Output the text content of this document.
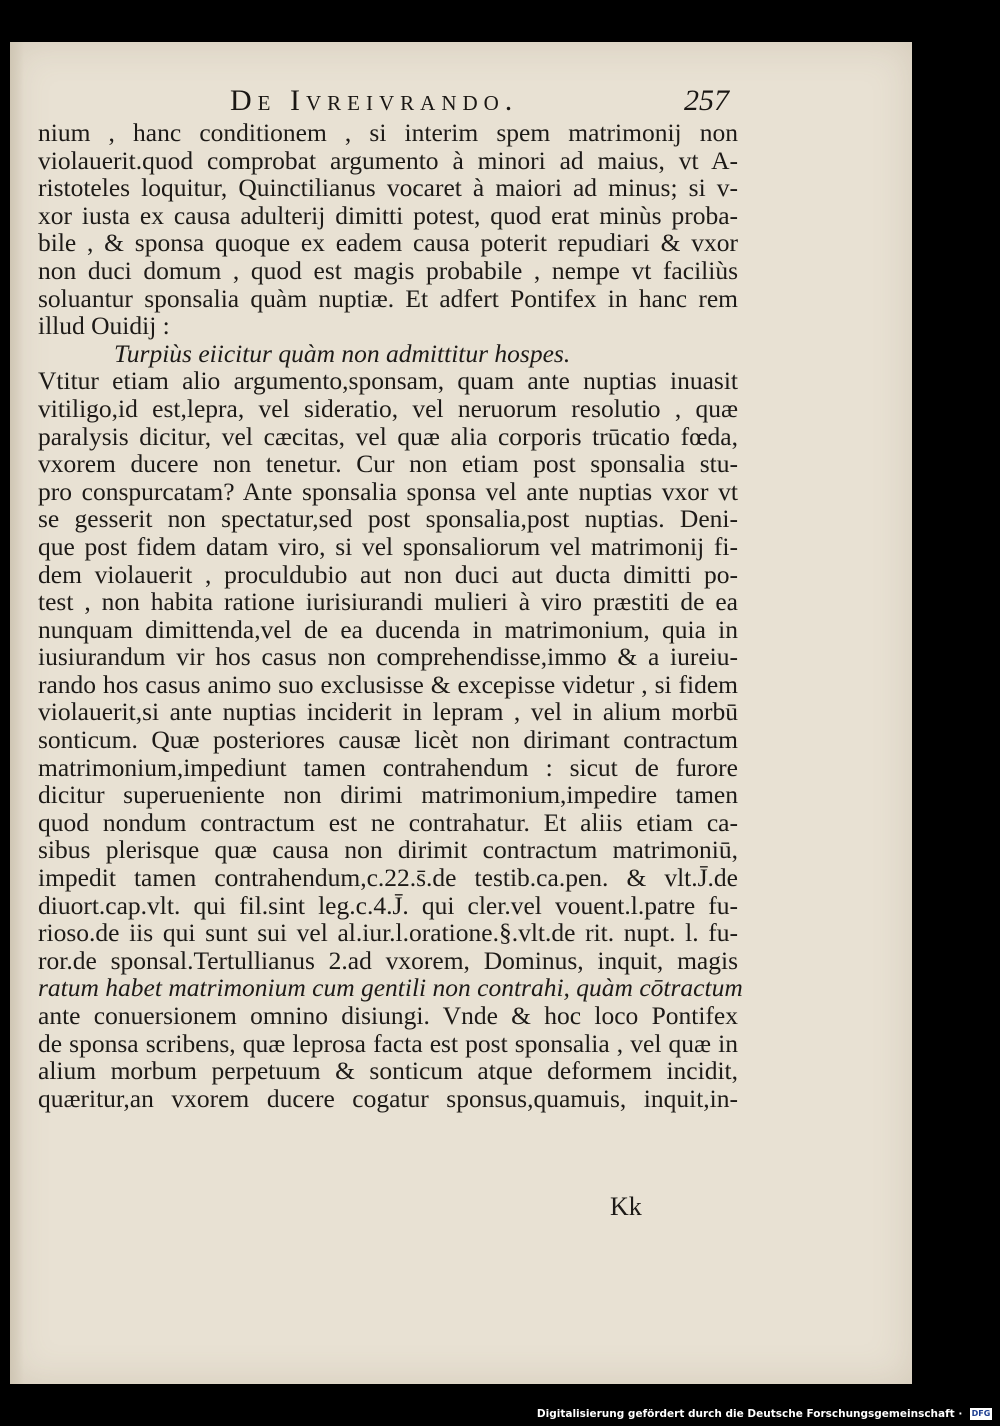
De Ivreivrando.	257
nium , hanc conditionem , si interim spem matrimonij non
violauerit.quod comprobat argumento à minori ad maius, vt A-
ristoteles loquitur, Quinctilianus vocaret à maiori ad minus; si v-
xor iusta ex causa adulterij dimitti potest, quod erat minùs proba-
bile , & sponsa quoque ex eadem causa poterit repudiari & vxor
non duci domum , quod est magis probabile , nempe vt faciliùs
soluantur sponsalia quàm nuptiæ. Et adfert Pontifex in hanc rem
illud Ouidij :
Turpiùs eiicitur quàm non admittitur hospes.
Vtitur etiam alio argumento,sponsam, quam ante nuptias inuasit
vitiligo,id est,lepra, vel sideratio, vel neruorum resolutio , quæ
paralysis dicitur, vel cæcitas, vel quæ alia corporis trūcatio fœda,
vxorem ducere non tenetur. Cur non etiam post sponsalia stu-
pro conspurcatam? Ante sponsalia sponsa vel ante nuptias vxor vt
se gesserit non spectatur,sed post sponsalia,post nuptias. Deni-
que post fidem datam viro, si vel sponsaliorum vel matrimonij fi-
dem violauerit , proculdubio aut non duci aut ducta dimitti po-
test , non habita ratione iurisiurandi mulieri à viro præstiti de ea
nunquam dimittenda,vel de ea ducenda in matrimonium, quia in
iusiurandum vir hos casus non comprehendisse,immo & a iureiu-
rando hos casus animo suo exclusisse & excepisse videtur , si fidem
violauerit,si ante nuptias inciderit in lepram , vel in alium morbū
sonticum. Quæ posteriores causæ licèt non dirimant contractum
matrimonium,impediunt tamen contrahendum : sicut de furore
dicitur superueniente non dirimi matrimonium,impedire tamen
quod nondum contractum est ne contrahatur. Et aliis etiam ca-
sibus plerisque quæ causa non dirimit contractum matrimoniū,
impedit tamen contrahendum,c.22.s̄.de testib.ca.pen. & vlt.J̄.de
diuort.cap.vlt. qui fil.sint leg.c.4.J̄. qui cler.vel vouent.l.patre fu-
rioso.de iis qui sunt sui vel al.iur.l.oratione.§.vlt.de rit. nupt. l. fu-
ror.de sponsal.Tertullianus 2.ad vxorem, Dominus, inquit, magis
ratum habet matrimonium cum gentili non contrahi, quàm cōtractum
ante conuersionem omnino disiungi. Vnde & hoc loco Pontifex
de sponsa scribens, quæ leprosa facta est post sponsalia , vel quæ in
alium morbum perpetuum & sonticum atque deformem incidit,
quæritur,an vxorem ducere cogatur sponsus,quamuis, inquit,in-
Kk
Digitalisierung gefördert durch die Deutsche Forschungsgemeinschaft · DFG
